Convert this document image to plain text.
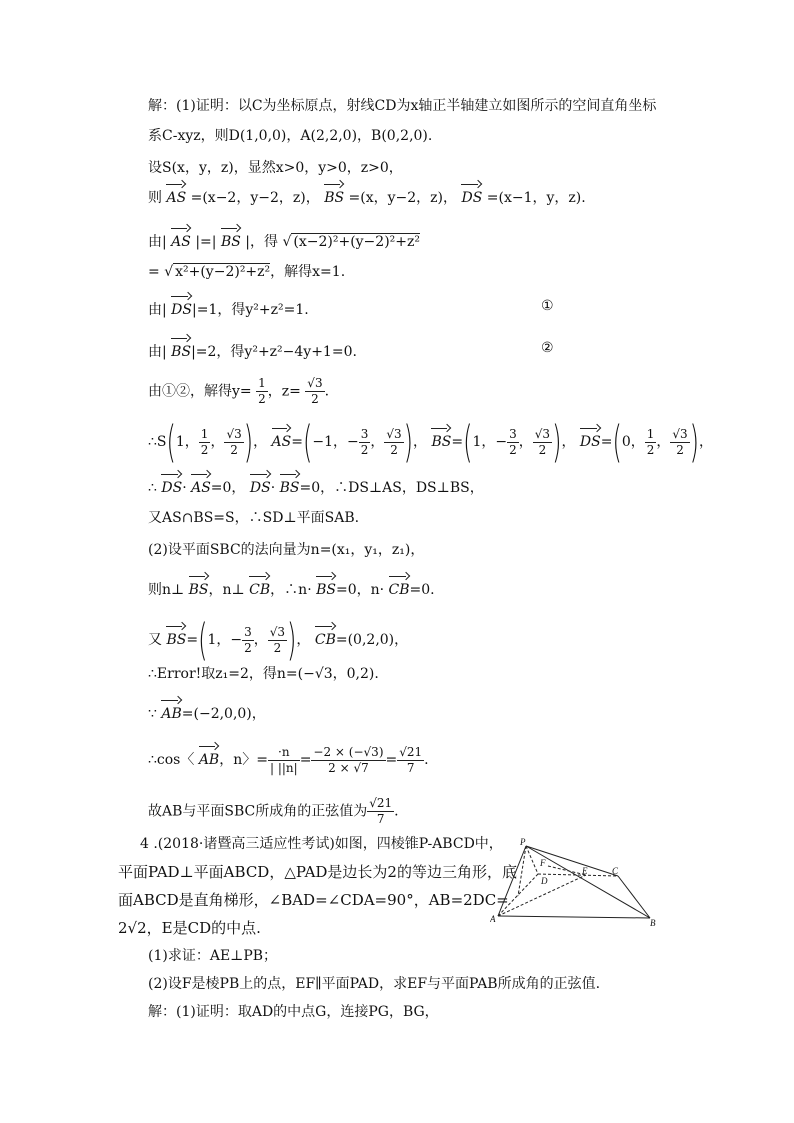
解：(1)证明：以C为坐标原点，射线CD为x轴正半轴建立如图所示的空间直角坐标
系C-xyz，则D(1,0,0)，A(2,2,0)，B(0,2,0).
设S(x，y，z)，显然x>0，y>0，z>0，
则 AS =(x−2，y−2，z)， BS =(x，y−2，z)， DS =(x−1，y，z).
由| AS |=| BS |，得 √ (x−2)²+(y−2)²+z²
= √ x²+(y−2)²+z²，解得x=1.
由| DS|=1，得y²+z²=1.	①
由| BS|=2，得y²+z²−4y+1=0.	②
由①②，解得$y= \frac{1}{2}$ ，$z= \frac{√3}{2}$ .
∴S(1， $\frac{1}{2}$ ， $\frac{√3}{2}$ )， AS=(−1，− $\frac{3}{2}$ ， $\frac{√3}{2}$ )， BS=(1，− $\frac{3}{2}$ ， $\frac{√3}{2}$ )， DS=(0， $\frac{1}{2}$ ， $\frac{√3}{2}$ )，
∴ DS· AS=0， DS· BS=0，∴DS⊥AS，DS⊥BS，
又AS∩BS=S，∴SD⊥平面SAB.
(2)设平面SBC的法向量为n=(x₁，y₁，z₁)，
则n⊥ BS，n⊥ CB，∴n· BS=0，n· CB=0.
又 BS=(1，− $\frac{3}{2}$ ， $\frac{√3}{2}$ )， CB=(0,2,0)，
∴Error!取z₁=2，得n=(−√3，0,2).
∵ AB=(−2,0,0)，
∴cos〈 AB，n〉= $\frac{\cdot n}{| ||n|} = \frac{-2 \times (-√3)}{2 \times √7} = \frac{√21}{7}$ .
故AB与平面SBC所成角的正弦值为 $\frac{√21}{7}$ .
4 .(2018·诸暨高三适应性考试)如图，四棱锥P-ABCD中，
平面PAD⊥平面ABCD，△PAD是边长为2的等边三角形，底
面ABCD是直角梯形，∠BAD=∠CDA=90°，AB=2DC=
2√2，E是CD的中点.
(1)求证：AE⊥PB；
(2)设F是棱PB上的点，EF∥平面PAD，求EF与平面PAB所成角的正弦值.
解：(1)证明：取AD的中点G，连接PG，BG，
P
F
D
E	C
A	B
